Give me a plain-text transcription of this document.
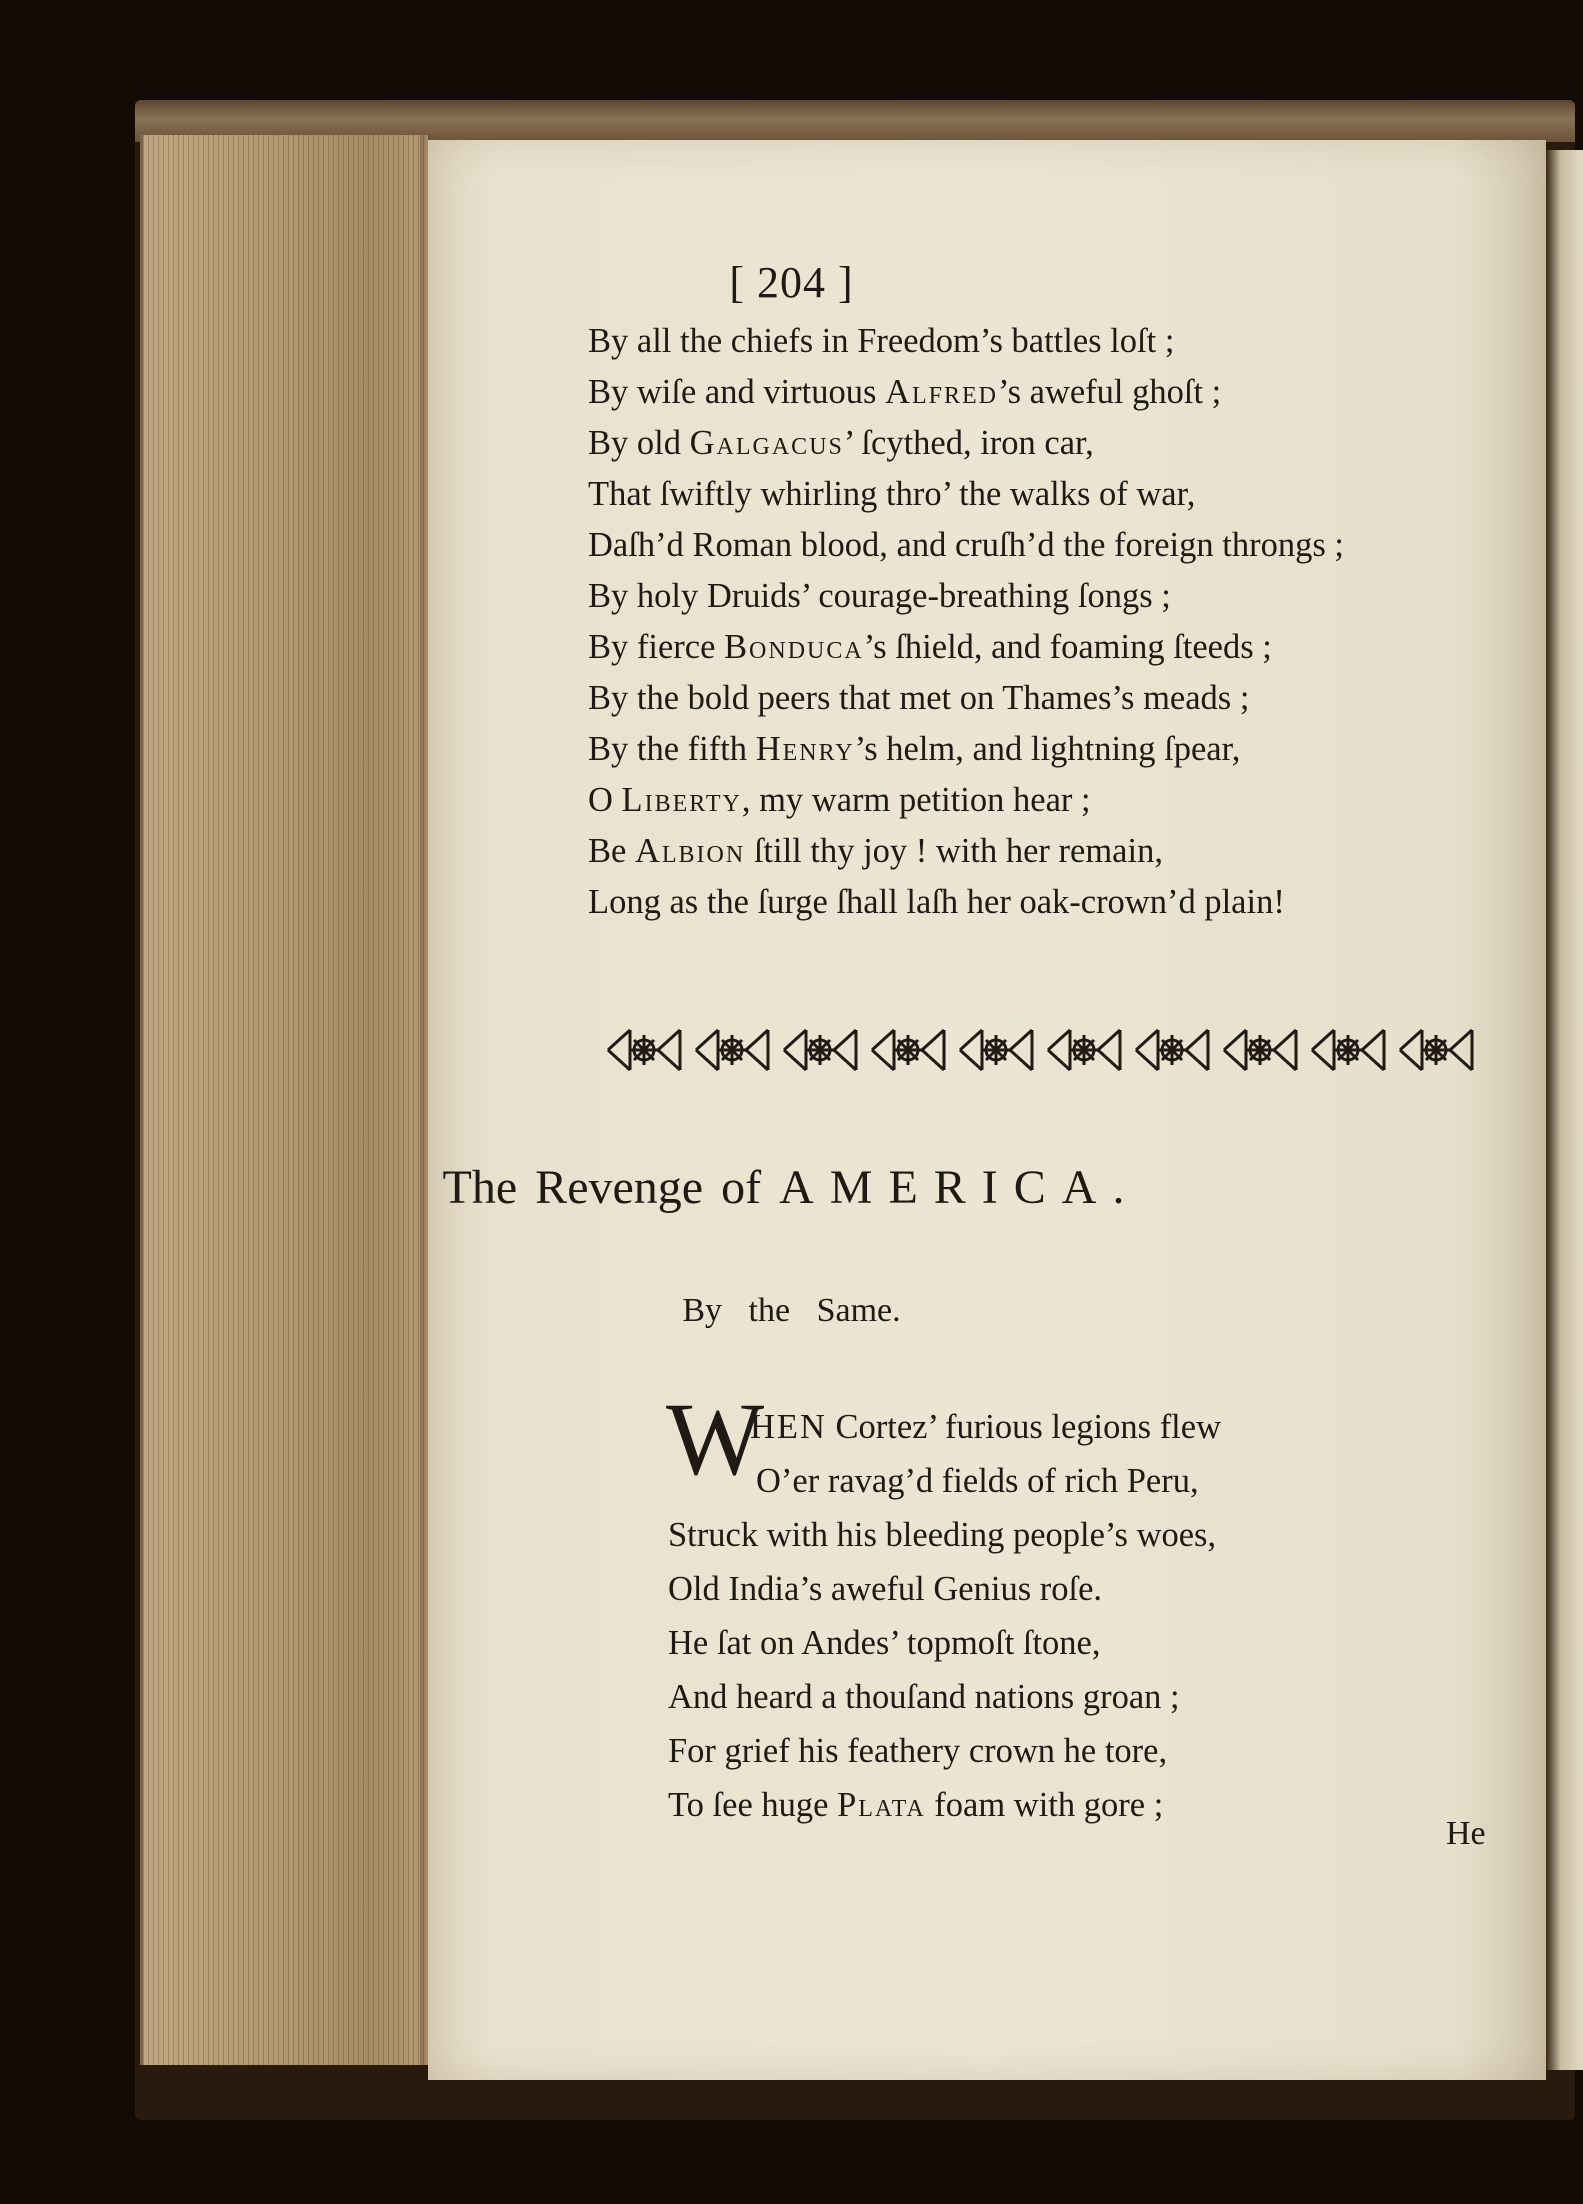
[ 204 ]
By all the chiefs in Freedom’s battles loſt ;
By wiſe and virtuous Alfred’s aweful ghoſt ;
By old Galgacus’ ſcythed, iron car,
That ſwiftly whirling thro’ the walks of war,
Daſh’d Roman blood, and cruſh’d the foreign throngs ;
By holy Druids’ courage-breathing ſongs ;
By fierce Bonduca’s ſhield, and foaming ſteeds ;
By the bold peers that met on Thames’s meads ;
By the fifth Henry’s helm, and lightning ſpear,
O Liberty, my warm petition hear ;
Be Albion ſtill thy joy ! with her remain,
Long as the ſurge ſhall laſh her oak-crown’d plain!
The Revenge of AMERICA.
By the Same.
W
HEN Cortez’ furious legions flew
O’er ravag’d fields of rich Peru,
Struck with his bleeding people’s woes,
Old India’s aweful Genius roſe.
He ſat on Andes’ topmoſt ſtone,
And heard a thouſand nations groan ;
For grief his feathery crown he tore,
To ſee huge Plata foam with gore ;
He
